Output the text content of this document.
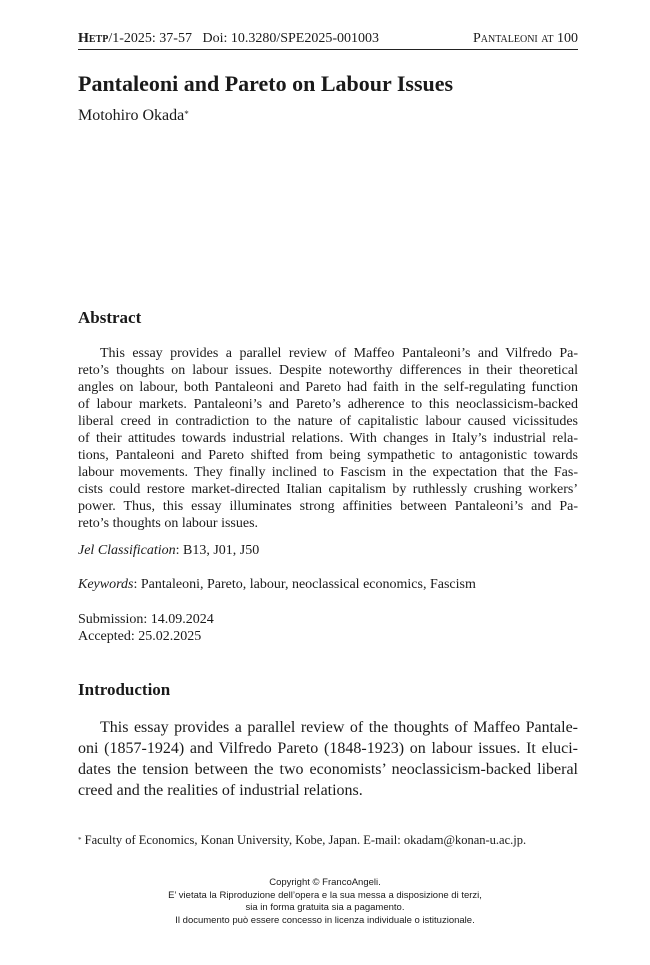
Hetp/1-2025: 37-57 Doi: 10.3280/SPE2025-001003	Pantaleoni at 100
Pantaleoni and Pareto on Labour Issues
Motohiro Okada*
Abstract
This essay provides a parallel review of Maffeo Pantaleoni’s and Vilfredo Pa-
reto’s thoughts on labour issues. Despite noteworthy differences in their theoretical
angles on labour, both Pantaleoni and Pareto had faith in the self-regulating function
of labour markets. Pantaleoni’s and Pareto’s adherence to this neoclassicism-backed
liberal creed in contradiction to the nature of capitalistic labour caused vicissitudes
of their attitudes towards industrial relations. With changes in Italy’s industrial rela-
tions, Pantaleoni and Pareto shifted from being sympathetic to antagonistic towards
labour movements. They finally inclined to Fascism in the expectation that the Fas-
cists could restore market-directed Italian capitalism by ruthlessly crushing workers’
power. Thus, this essay illuminates strong affinities between Pantaleoni’s and Pa-
reto’s thoughts on labour issues.
Jel Classification: B13, J01, J50
Keywords: Pantaleoni, Pareto, labour, neoclassical economics, Fascism
Submission: 14.09.2024
Accepted: 25.02.2025
Introduction
This essay provides a parallel review of the thoughts of Maffeo Pantale-
oni (1857-1924) and Vilfredo Pareto (1848-1923) on labour issues. It eluci-
dates the tension between the two economists’ neoclassicism-backed liberal
creed and the realities of industrial relations.
* Faculty of Economics, Konan University, Kobe, Japan. E-mail: okadam@konan-u.ac.jp.
Copyright © FrancoAngeli.
E’ vietata la Riproduzione dell’opera e la sua messa a disposizione di terzi,
sia in forma gratuita sia a pagamento.
Il documento può essere concesso in licenza individuale o istituzionale.
